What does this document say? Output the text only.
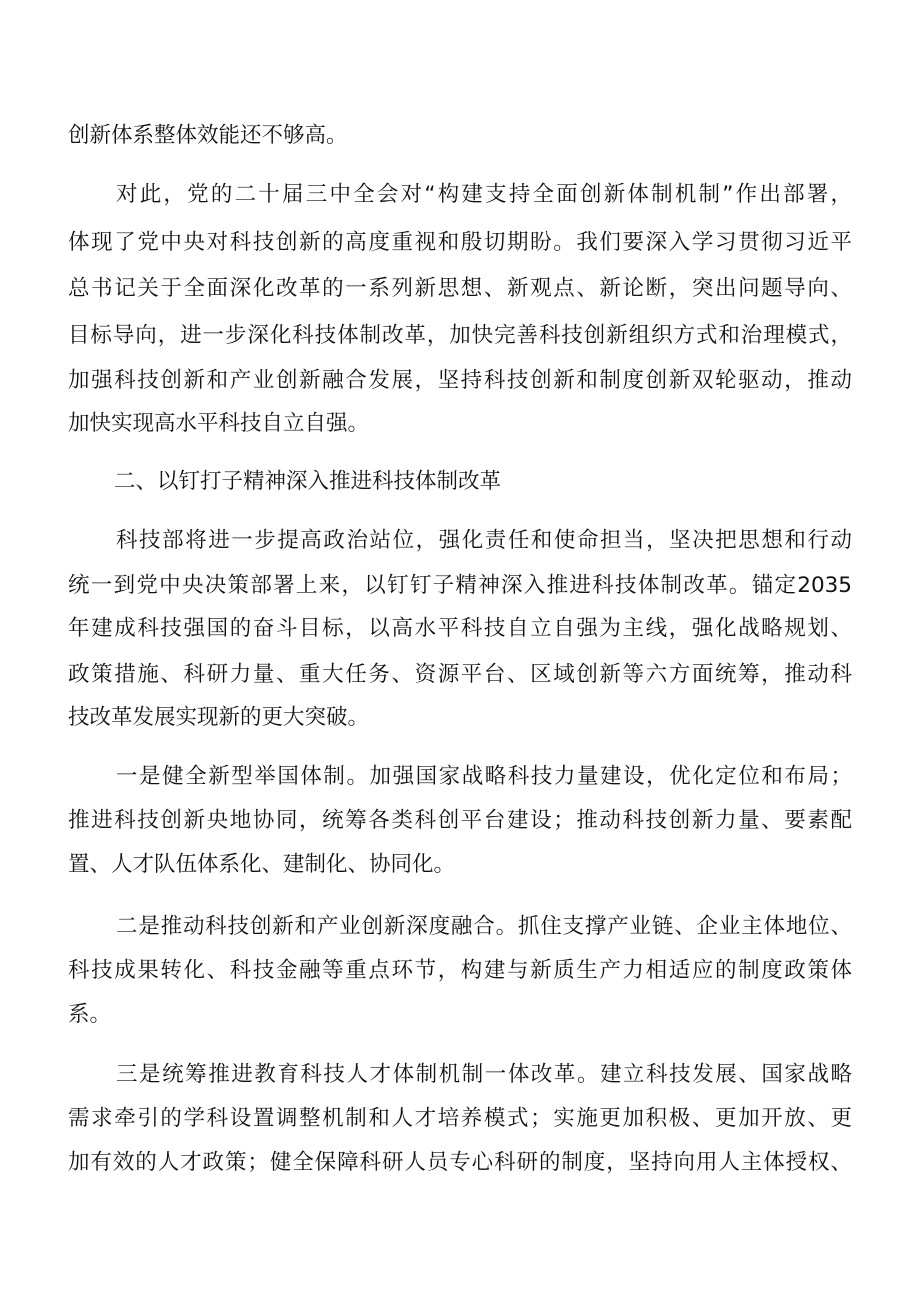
创新体系整体效能还不够高。
对此，党的二十届三中全会对“构建支持全面创新体制机制”作出部署，
体现了党中央对科技创新的高度重视和殷切期盼。我们要深入学习贯彻习近平
总书记关于全面深化改革的一系列新思想、新观点、新论断，突出问题导向、
目标导向，进一步深化科技体制改革，加快完善科技创新组织方式和治理模式，
加强科技创新和产业创新融合发展，坚持科技创新和制度创新双轮驱动，推动
加快实现高水平科技自立自强。
二、以钉打子精神深入推进科技体制改革
科技部将进一步提高政治站位，强化责任和使命担当，坚决把思想和行动
统一到党中央决策部署上来，以钉钉子精神深入推进科技体制改革。锚定2035
年建成科技强国的奋斗目标，以高水平科技自立自强为主线，强化战略规划、
政策措施、科研力量、重大任务、资源平台、区域创新等六方面统筹，推动科
技改革发展实现新的更大突破。
一是健全新型举国体制。加强国家战略科技力量建设，优化定位和布局；
推进科技创新央地协同，统筹各类科创平台建设；推动科技创新力量、要素配
置、人才队伍体系化、建制化、协同化。
二是推动科技创新和产业创新深度融合。抓住支撑产业链、企业主体地位、
科技成果转化、科技金融等重点环节，构建与新质生产力相适应的制度政策体
系。
三是统筹推进教育科技人才体制机制一体改革。建立科技发展、国家战略
需求牵引的学科设置调整机制和人才培养模式；实施更加积极、更加开放、更
加有效的人才政策；健全保障科研人员专心科研的制度，坚持向用人主体授权、
